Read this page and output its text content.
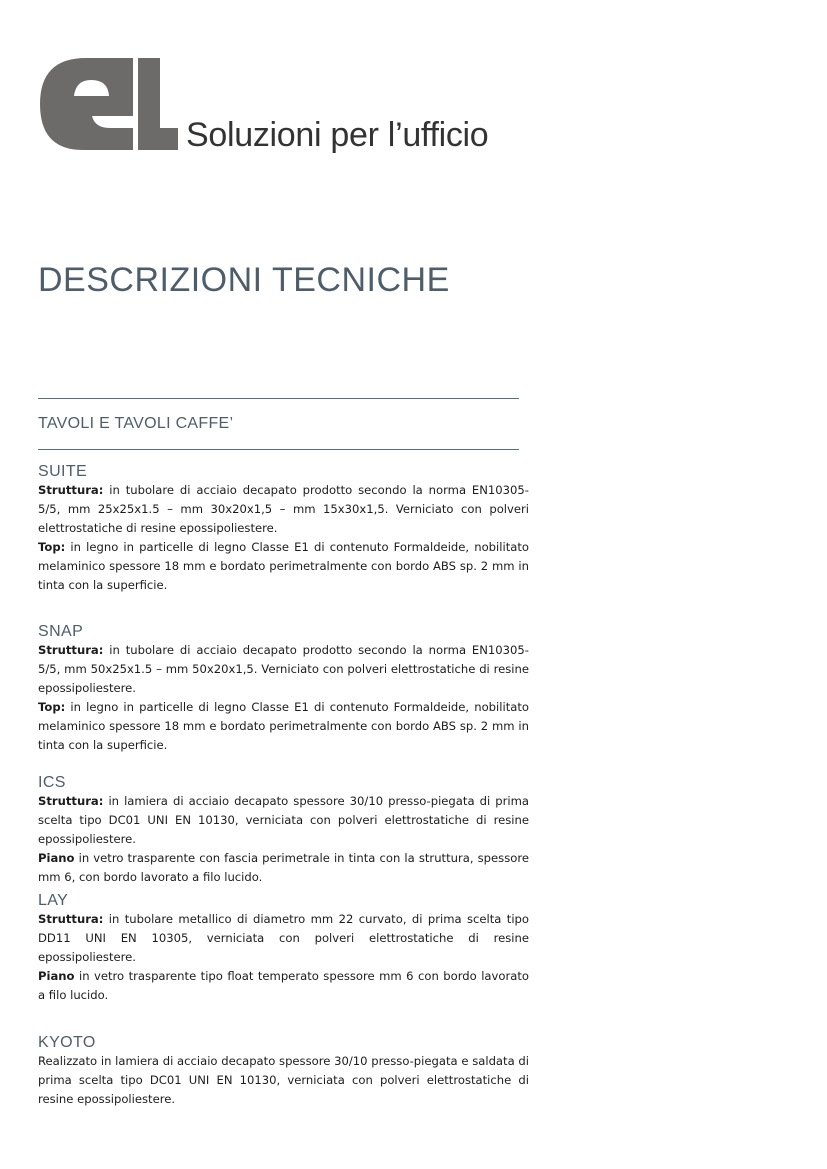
Soluzioni per l’ufficio
DESCRIZIONI TECNICHE
TAVOLI E TAVOLI CAFFE’
SUITE

Struttura: in tubolare di acciaio decapato prodotto secondo la norma EN10305-5/5, mm 25x25x1.5 – mm 30x20x1,5 – mm 15x30x1,5. Verniciato con polveri elettrostatiche di resine epossipoliestere.

Top: in legno in particelle di legno Classe E1 di contenuto Formaldeide, nobilitato melaminico spessore 18 mm e bordato perimetralmente con bordo ABS sp. 2 mm in tinta con la superficie.

SNAP

Struttura: in tubolare di acciaio decapato prodotto secondo la norma EN10305-5/5, mm 50x25x1.5 – mm 50x20x1,5. Verniciato con polveri elettrostatiche di resine epossipoliestere.

Top: in legno in particelle di legno Classe E1 di contenuto Formaldeide, nobilitato melaminico spessore 18 mm e bordato perimetralmente con bordo ABS sp. 2 mm in tinta con la superficie.

ICS

Struttura: in lamiera di acciaio decapato spessore 30/10 presso-piegata di prima scelta tipo DC01 UNI EN 10130, verniciata con polveri elettrostatiche di resine epossipoliestere.

Piano in vetro trasparente con fascia perimetrale in tinta con la struttura, spessore mm 6, con bordo lavorato a filo lucido.

LAY

Struttura: in tubolare metallico di diametro mm 22 curvato, di prima scelta tipo DD11 UNI EN 10305, verniciata con polveri elettrostatiche di resine epossipoliestere.

Piano in vetro trasparente tipo float temperato spessore mm 6 con bordo lavorato a filo lucido.

KYOTO

Realizzato in lamiera di acciaio decapato spessore 30/10 presso-piegata e saldata di prima scelta tipo DC01 UNI EN 10130, verniciata con polveri elettrostatiche di resine epossipoliestere.
